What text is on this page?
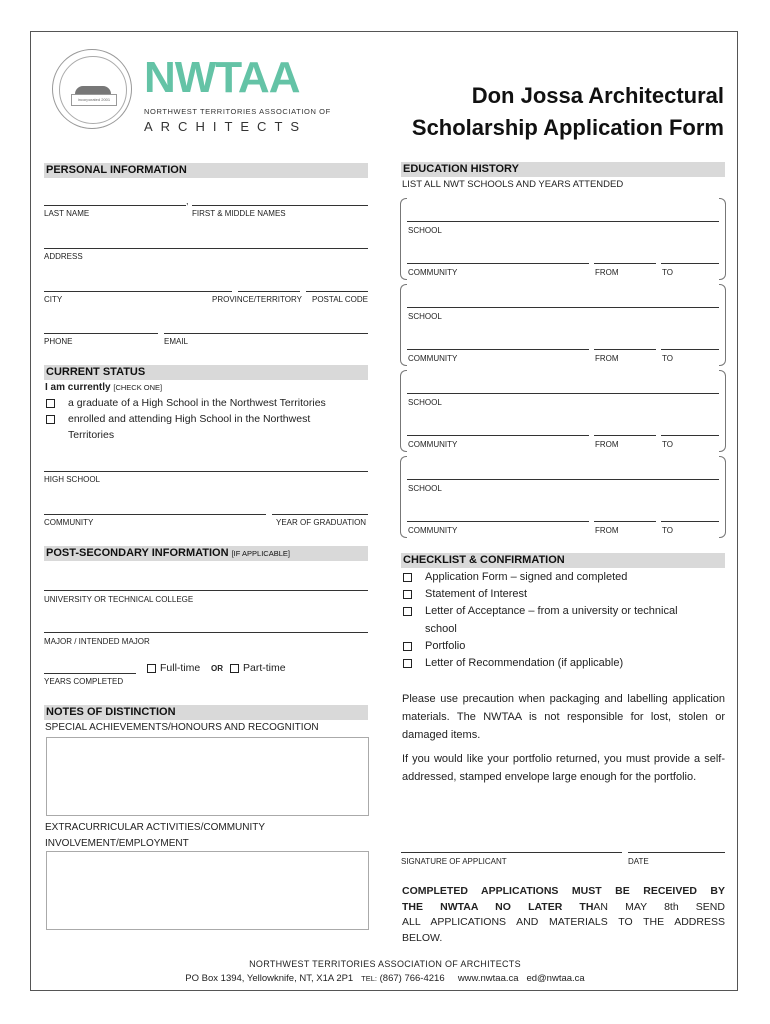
incorporated 2001 NWTAA
NORTHWEST TERRITORIES ASSOCIATION OF
ARCHITECTS
Don Jossa Architectural
Scholarship Application Form
PERSONAL INFORMATION
,
LAST NAME	FIRST & MIDDLE NAMES
ADDRESS
CITY	PROVINCE/TERRITORY POSTAL CODE
PHONE	EMAIL
CURRENT STATUS
I am currently [CHECK ONE]
a graduate of a High School in the Northwest Territories
enrolled and attending High School in the Northwest
Territories
HIGH SCHOOL
COMMUNITY	YEAR OF GRADUATION
POST-SECONDARY INFORMATION [IF APPLICABLE]
UNIVERSITY OR TECHNICAL COLLEGE
MAJOR / INTENDED MAJOR
Full-time OR Part-time
YEARS COMPLETED
NOTES OF DISTINCTION
SPECIAL ACHIEVEMENTS/HONOURS AND RECOGNITION
EXTRACURRICULAR ACTIVITIES/COMMUNITY
INVOLVEMENT/EMPLOYMENT
EDUCATION HISTORY
LIST ALL NWT SCHOOLS AND YEARS ATTENDED
SCHOOL
COMMUNITY	FROM	TO
SCHOOL
COMMUNITY	FROM	TO
SCHOOL
COMMUNITY	FROM	TO
SCHOOL
COMMUNITY	FROM	TO
CHECKLIST & CONFIRMATION
Application Form – signed and completed
Statement of Interest
Letter of Acceptance – from a university or technical
school
Portfolio
Letter of Recommendation (if applicable)
Please use precaution when packaging and labelling application materials. The NWTAA is not responsible for lost, stolen or damaged items.
If you would like your portfolio returned, you must provide a self-addressed, stamped envelope large enough for the portfolio.
SIGNATURE OF APPLICANT	DATE
COMPLETED APPLICATIONS MUST BE RECEIVED BY
THE NWTAA NO LATER THAN MAY 8th SEND
ALL APPLICATIONS AND MATERIALS TO THE ADDRESS
BELOW.
NORTHWEST TERRITORIES ASSOCIATION OF ARCHITECTS
PO Box 1394, Yellowknife, NT, X1A 2P1 TEL: (867) 766-4216 www.nwtaa.ca ed@nwtaa.ca
